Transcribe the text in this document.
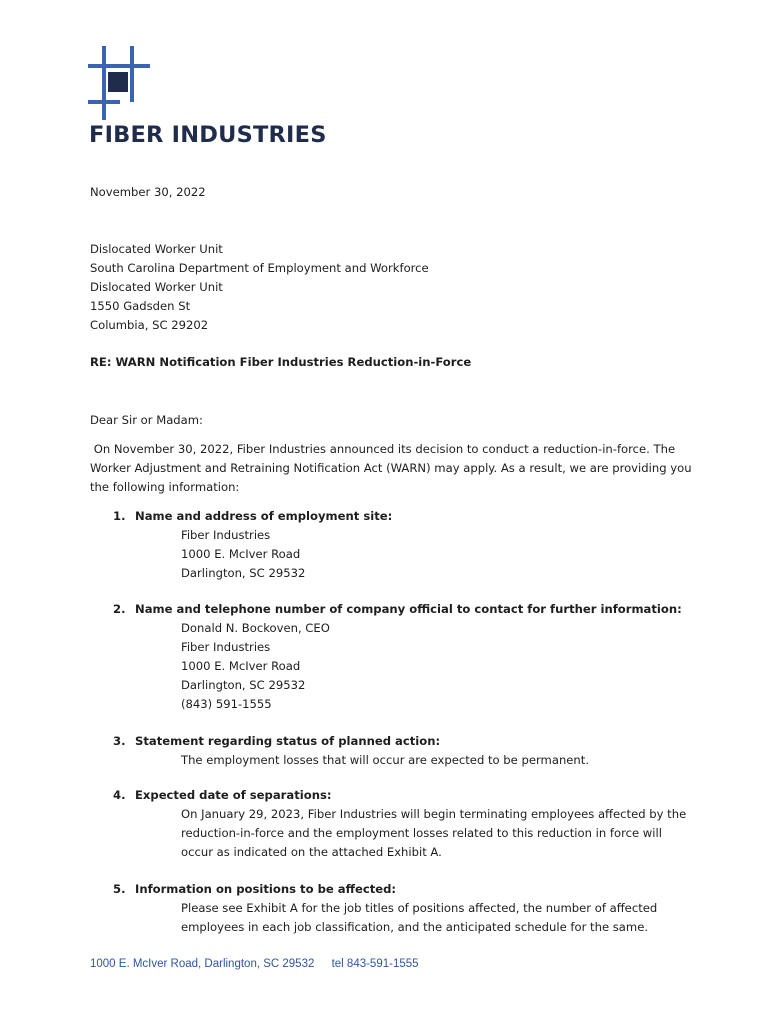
FIBER INDUSTRIES
November 30, 2022
Dislocated Worker Unit
South Carolina Department of Employment and Workforce
Dislocated Worker Unit
1550 Gadsden St
Columbia, SC 29202
RE: WARN Notification Fiber Industries Reduction-in-Force
Dear Sir or Madam:
On November 30, 2022, Fiber Industries announced its decision to conduct a reduction-in-force. The
Worker Adjustment and Retraining Notification Act (WARN) may apply. As a result, we are providing you
the following information:
1. Name and address of employment site:
Fiber Industries
1000 E. McIver Road
Darlington, SC 29532
2. Name and telephone number of company official to contact for further information:
Donald N. Bockoven, CEO
Fiber Industries
1000 E. McIver Road
Darlington, SC 29532
(843) 591-1555
3. Statement regarding status of planned action:
The employment losses that will occur are expected to be permanent.
4. Expected date of separations:
On January 29, 2023, Fiber Industries will begin terminating employees affected by the
reduction-in-force and the employment losses related to this reduction in force will
occur as indicated on the attached Exhibit A.
5. Information on positions to be affected:
Please see Exhibit A for the job titles of positions affected, the number of affected
employees in each job classification, and the anticipated schedule for the same.
1000 E. McIver Road, Darlington, SC 29532 tel 843-591-1555
